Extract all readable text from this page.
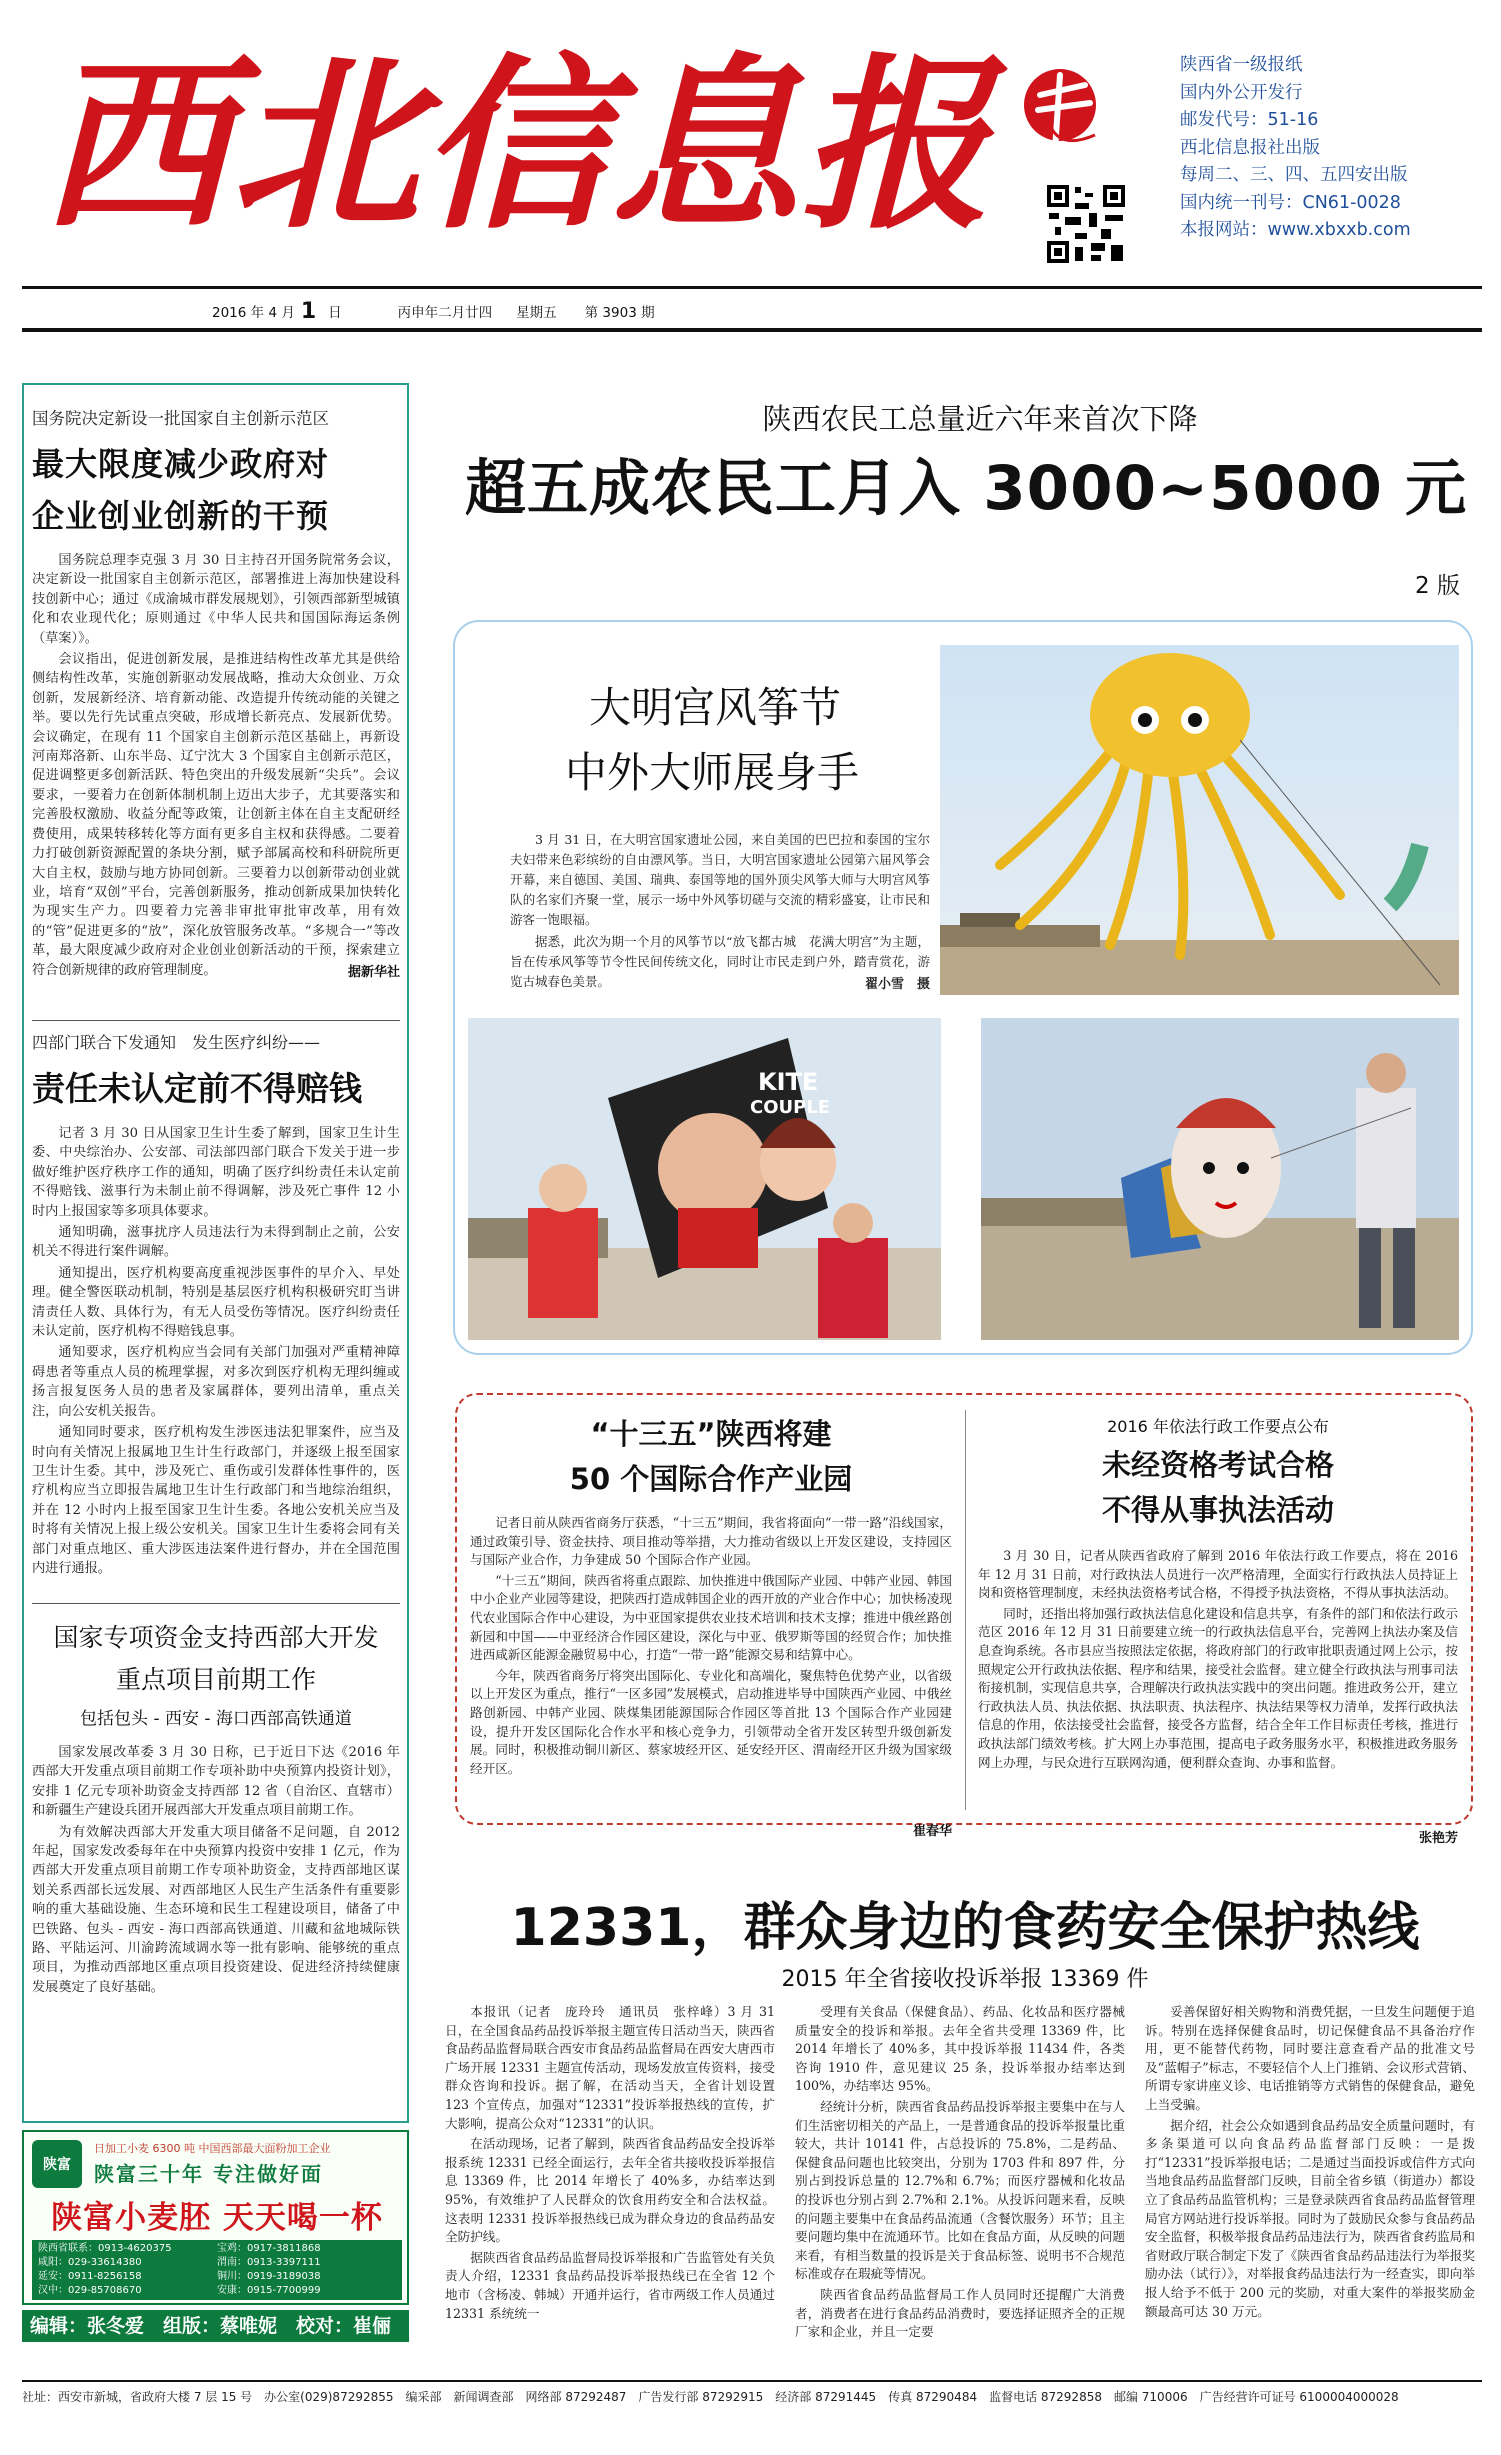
西北信息报	陕西省一级报纸
国内外公开发行
邮发代号：51-16
西北信息报社出版
每周二、三、四、五四安出版
国内统一刊号：CN61-0028
本报网站：www.xbxxb.com
2016 年 4 月 1 日	丙申年二月廿四 星期五 第 3903 期
国务院决定新设一批国家自主创新示范区
最大限度减少政府对
企业创业创新的干预

国务院总理李克强 3 月 30 日主持召开国务院常务会议，决定新设一批国家自主创新示范区，部署推进上海加快建设科技创新中心；通过《成渝城市群发展规划》，引领西部新型城镇化和农业现代化；原则通过《中华人民共和国国际海运条例（草案）》。

会议指出，促进创新发展，是推进结构性改革尤其是供给侧结构性改革，实施创新驱动发展战略，推动大众创业、万众创新，发展新经济、培育新动能、改造提升传统动能的关键之举。要以先行先试重点突破，形成增长新亮点、发展新优势。会议确定，在现有 11 个国家自主创新示范区基础上，再新设河南郑洛新、山东半岛、辽宁沈大 3 个国家自主创新示范区，促进调整更多创新活跃、特色突出的升级发展新“尖兵”。会议要求，一要着力在创新体制机制上迈出大步子，尤其要落实和完善股权激励、收益分配等政策，让创新主体在自主支配研经费使用，成果转移转化等方面有更多自主权和获得感。二要着力打破创新资源配置的条块分割，赋予部属高校和科研院所更大自主权，鼓励与地方协同创新。三要着力以创新带动创业就业，培育“双创”平台，完善创新服务，推动创新成果加快转化为现实生产力。四要着力完善非审批审批审改革，用有效的“管”促进更多的“放”，深化放管服务改革。“多规合一”等改革，最大限度减少政府对企业创业创新活动的干预，探索建立符合创新规律的政府管理制度。	据新华社
四部门联合下发通知　发生医疗纠纷——
责任未认定前不得赔钱

记者 3 月 30 日从国家卫生计生委了解到，国家卫生计生委、中央综治办、公安部、司法部四部门联合下发关于进一步做好维护医疗秩序工作的通知，明确了医疗纠纷责任未认定前不得赔钱、滋事行为未制止前不得调解，涉及死亡事件 12 小时内上报国家等多项具体要求。

通知明确，滋事扰序人员违法行为未得到制止之前，公安机关不得进行案件调解。

通知提出，医疗机构要高度重视涉医事件的早介入、早处理。健全警医联动机制，特别是基层医疗机构积极研究盯当讲清责任人数、具体行为，有无人员受伤等情况。医疗纠纷责任未认定前，医疗机构不得赔钱息事。

通知要求，医疗机构应当会同有关部门加强对严重精神障碍患者等重点人员的梳理掌握，对多次到医疗机构无理纠缠或扬言报复医务人员的患者及家属群体，要列出清单，重点关注，向公安机关报告。

通知同时要求，医疗机构发生涉医违法犯罪案件，应当及时向有关情况上报属地卫生计生行政部门，并逐级上报至国家卫生计生委。其中，涉及死亡、重伤或引发群体性事件的，医疗机构应当立即报告属地卫生计生行政部门和当地综治组织，并在 12 小时内上报至国家卫生计生委。各地公安机关应当及时将有关情况上报上级公安机关。国家卫生计生委将会同有关部门对重点地区、重大涉医违法案件进行督办，并在全国范围内进行通报。

国家专项资金支持西部大开发
重点项目前期工作
包括包头 - 西安 - 海口西部高铁通道

国家发展改革委 3 月 30 日称，已于近日下达《2016 年西部大开发重点项目前期工作专项补助中央预算内投资计划》，安排 1 亿元专项补助资金支持西部 12 省（自治区、直辖市）和新疆生产建设兵团开展西部大开发重点项目前期工作。

为有效解决西部大开发重大项目储备不足问题，自 2012 年起，国家发改委每年在中央预算内投资中安排 1 亿元，作为西部大开发重点项目前期工作专项补助资金，支持西部地区谋划关系西部长远发展、对西部地区人民生产生活条件有重要影响的重大基础设施、生态环境和民生工程建设项目，储备了中巴铁路、包头 - 西安 - 海口西部高铁通道、川藏和盆地城际铁路、平陆运河、川渝跨流域调水等一批有影响、能够统的重点项目，为推动西部地区重点项目投资建设、促进经济持续健康发展奠定了良好基础。

陕富
日加工小麦 6300 吨 中国西部最大面粉加工企业
陕富三十年 专注做好面
陕富小麦胚 天天喝一杯
陕西省联系：0913-4620375	宝鸡：0917-3811868
咸阳：029-33614380	渭南：0913-3397111
延安：0911-8256158	铜川：0919-3189038
汉中：029-85708670	安康：0915-7700999
编辑：张冬爱　组版：蔡唯妮　校对：崔俪
陕西农民工总量近六年来首次下降
超五成农民工月入 3000~5000 元
2 版
大明宫风筝节
中外大师展身手

3 月 31 日，在大明宫国家遗址公园，来自美国的巴巴拉和泰国的宝尔夫妇带来色彩缤纷的自由漂风筝。当日，大明宫国家遗址公园第六届风筝会开幕，来自德国、美国、瑞典、泰国等地的国外顶尖风筝大师与大明宫风筝队的名家们齐聚一堂，展示一场中外风筝切磋与交流的精彩盛宴，让市民和游客一饱眼福。

据悉，此次为期一个月的风筝节以“放飞都古城　花满大明宫”为主题，旨在传承风筝等节令性民间传统文化，同时让市民走到户外，踏青赏花，游览古城春色美景。	翟小雪　摄
KITE
COUPLE
“十三五”陕西将建
50 个国际合作产业园

记者日前从陕西省商务厅获悉，“十三五”期间，我省将面向“一带一路”沿线国家，通过政策引导、资金扶持、项目推动等举措，大力推动省级以上开发区建设，支持园区与国际产业合作，力争建成 50 个国际合作产业园。

“十三五”期间，陕西省将重点跟踪、加快推进中俄国际产业园、中韩产业园、韩国中小企业产业园等建设，把陕西打造成韩国企业的西开放的产业合作中心；加快杨凌现代农业国际合作中心建设，为中亚国家提供农业技术培训和技术支撑；推进中俄丝路创新园和中国——中亚经济合作园区建设，深化与中亚、俄罗斯等国的经贸合作；加快推进西咸新区能源金融贸易中心，打造“一带一路”能源交易和结算中心。

今年，陕西省商务厅将突出国际化、专业化和高端化，聚焦特色优势产业，以省级以上开发区为重点，推行“一区多园”发展模式，启动推进毕导中国陕西产业园、中俄丝路创新园、中韩产业园、陕煤集团能源国际合作园区等首批 13 个国际合作产业园建设，提升开发区国际化合作水平和核心竞争力，引领带动全省开发区转型升级创新发展。同时，积极推动铜川新区、蔡家坡经开区、延安经开区、渭南经开区升级为国家级经开区。

崔春华
2016 年依法行政工作要点公布
未经资格考试合格
不得从事执法活动

3 月 30 日，记者从陕西省政府了解到 2016 年依法行政工作要点，将在 2016 年 12 月 31 日前，对行政执法人员进行一次严格清理，全面实行行政执法人员持证上岗和资格管理制度，未经执法资格考试合格，不得授予执法资格，不得从事执法活动。

同时，还指出将加强行政执法信息化建设和信息共享，有条件的部门和依法行政示范区 2016 年 12 月 31 日前要建立统一的行政执法信息平台，完善网上执法办案及信息查询系统。各市县应当按照法定依据，将政府部门的行政审批职责通过网上公示，按照规定公开行政执法依据、程序和结果，接受社会监督。建立健全行政执法与刑事司法衔接机制，实现信息共享，合理解决行政执法实践中的突出问题。推进政务公开，建立行政执法人员、执法依据、执法职责、执法程序、执法结果等权力清单，发挥行政执法信息的作用，依法接受社会监督，接受各方监督，结合全年工作目标责任考核，推进行政执法部门绩效考核。扩大网上办事范围，提高电子政务服务水平，积极推进政务服务网上办理，与民众进行互联网沟通，便利群众查询、办事和监督。

张艳芳
12331，群众身边的食药安全保护热线
2015 年全省接收投诉举报 13369 件

本报讯（记者　庞玲玲　通讯员　张梓峰）3 月 31 日，在全国食品药品投诉举报主题宣传日活动当天，陕西省食品药品监督局联合西安市食品药品监督局在西安大唐西市广场开展 12331 主题宣传活动，现场发放宣传资料，接受群众咨询和投诉。据了解，在活动当天，全省计划设置 123 个宣传点，加强对“12331”投诉举报热线的宣传，扩大影响，提高公众对“12331”的认识。

在活动现场，记者了解到，陕西省食品药品安全投诉举报系统 12331 已经全面运行，去年全省共接收投诉举报信息 13369 件，比 2014 年增长了 40%多，办结率达到 95%，有效维护了人民群众的饮食用药安全和合法权益。这表明 12331 投诉举报热线已成为群众身边的食品药品安全防护线。

据陕西省食品药品监督局投诉举报和广告监管处有关负责人介绍，12331 食品药品投诉举报热线已在全省 12 个地市（含杨凌、韩城）开通并运行，省市两级工作人员通过 12331 系统统一

受理有关食品（保健食品）、药品、化妆品和医疗器械质量安全的投诉和举报。去年全省共受理 13369 件，比 2014 年增长了 40%多，其中投诉举报 11434 件，各类咨询 1910 件，意见建议 25 条，投诉举报办结率达到 100%，办结率达 95%。

经统计分析，陕西省食品药品投诉举报主要集中在与人们生活密切相关的产品上，一是普通食品的投诉举报量比重较大，共计 10141 件，占总投诉的 75.8%，二是药品、保健食品问题也比较突出，分别为 1703 件和 897 件，分别占到投诉总量的 12.7%和 6.7%；而医疗器械和化妆品的投诉也分别占到 2.7%和 2.1%。从投诉问题来看，反映的问题主要集中在食品药品流通（含餐饮服务）环节；且主要问题均集中在流通环节。比如在食品方面，从反映的问题来看，有相当数量的投诉是关于食品标签、说明书不合规范标准或存在瑕疵等情况。

陕西省食品药品监督局工作人员同时还提醒广大消费者，消费者在进行食品药品消费时，要选择证照齐全的正规厂家和企业，并且一定要

妥善保留好相关购物和消费凭据，一旦发生问题便于追诉。特别在选择保健食品时，切记保健食品不具备治疗作用，更不能替代药物，同时要注意查看产品的批准文号及“蓝帽子”标志，不要轻信个人上门推销、会议形式营销、所谓专家讲座义诊、电话推销等方式销售的保健食品，避免上当受骗。

据介绍，社会公众如遇到食品药品安全质量问题时，有多条渠道可以向食品药品监督部门反映：一是拨打“12331”投诉举报电话；二是通过当面投诉或信件方式向当地食品药品监督部门反映，目前全省乡镇（街道办）都设立了食品药品监管机构；三是登录陕西省食品药品监督管理局官方网站进行投诉举报。同时为了鼓励民众参与食品药品安全监督，积极举报食品药品违法行为，陕西省食药监局和省财政厅联合制定下发了《陕西省食品药品违法行为举报奖励办法（试行）》，对举报食药品违法行为一经查实，即向举报人给予不低于 200 元的奖励，对重大案件的举报奖励金额最高可达 30 万元。

社址：西安市新城，省政府大楼 7 层 15 号　办公室(029)87292855　编采部　新闻调查部　网络部 87292487　广告发行部 87292915　经济部 87291445　传真 87290484　监督电话 87292858　邮编 710006　广告经营许可证号 6100004000028
